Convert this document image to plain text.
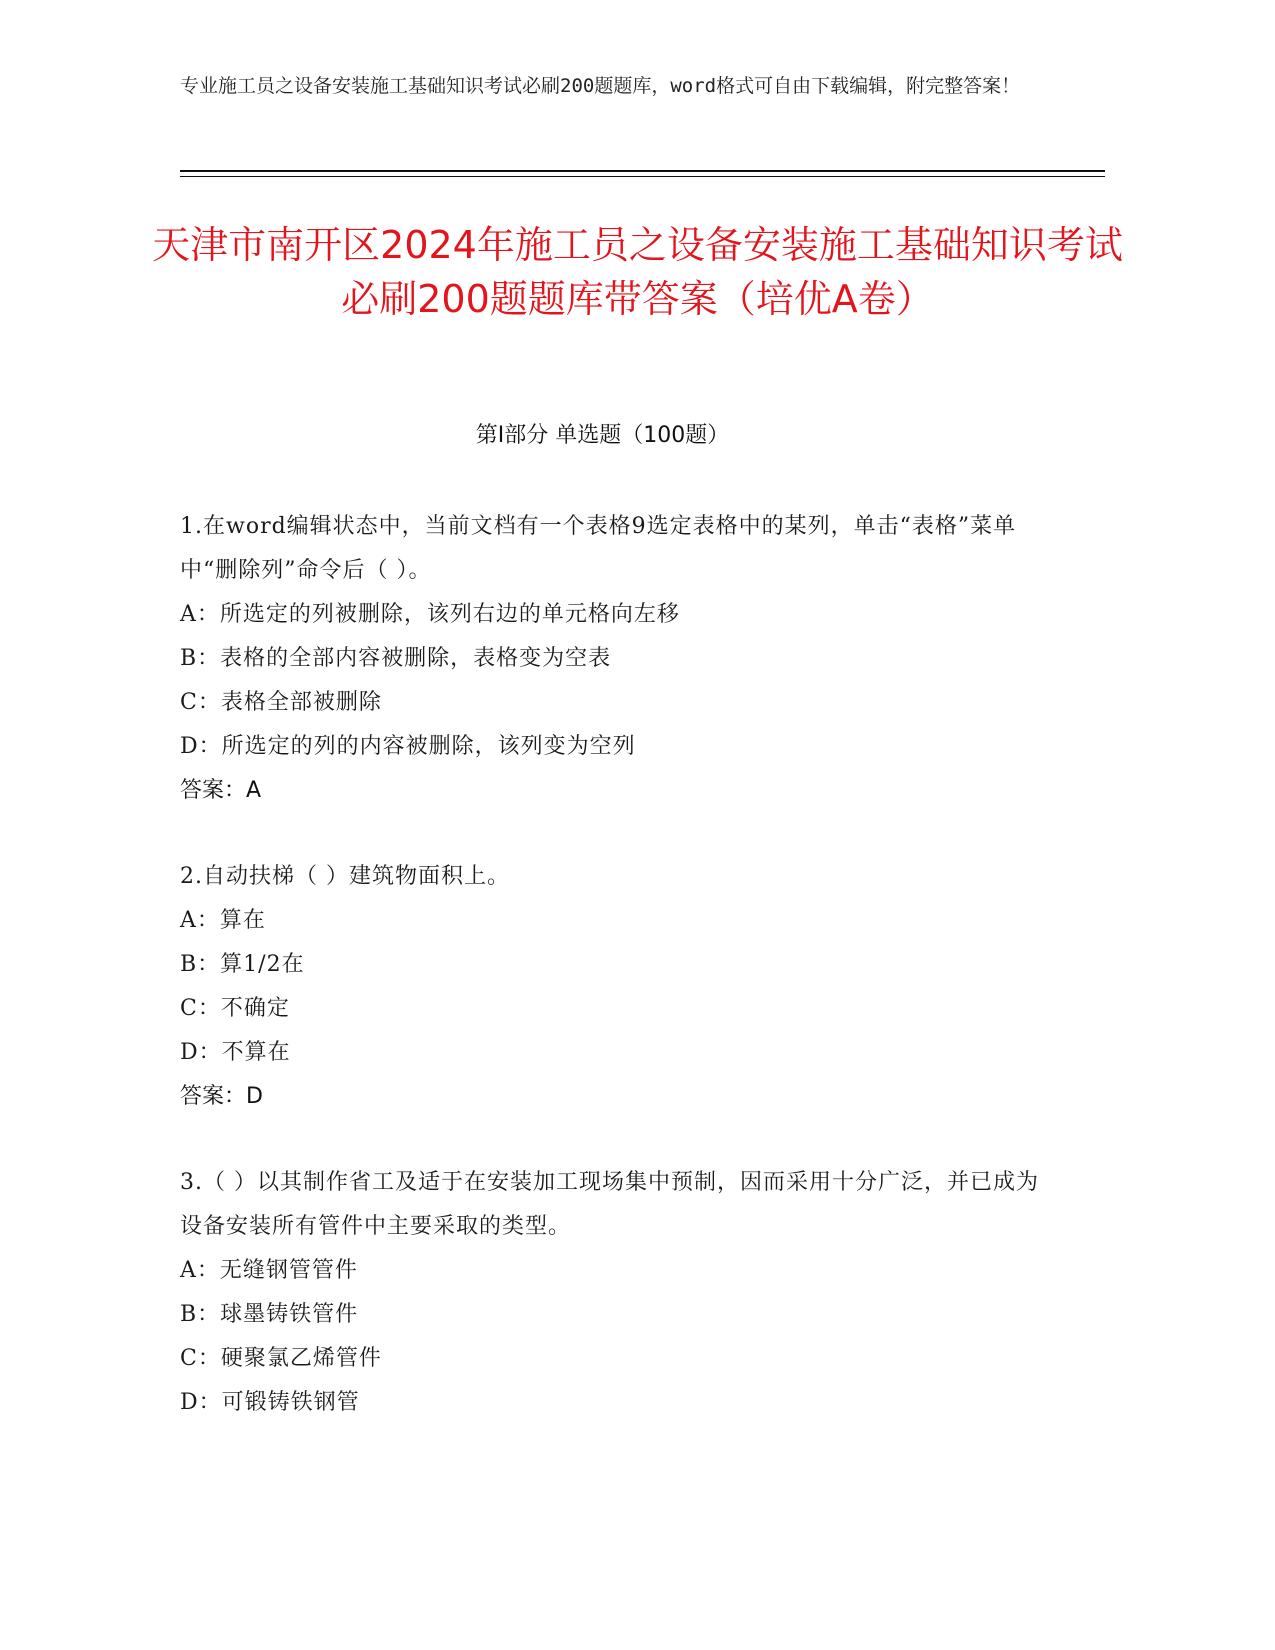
专业施工员之设备安装施工基础知识考试必刷200题题库，word格式可自由下载编辑，附完整答案！
天津市南开区2024年施工员之设备安装施工基础知识考试必刷200题题库带答案（培优A卷）
第Ⅰ部分 单选题（100题）
1.在word编辑状态中，当前文档有一个表格9选定表格中的某列，单击“表格”菜单中“删除列”命令后（ ）。
A：所选定的列被删除，该列右边的单元格向左移
B：表格的全部内容被删除，表格变为空表
C：表格全部被删除
D：所选定的列的内容被删除，该列变为空列
答案：A
2.自动扶梯（ ）建筑物面积上。
A：算在
B：算1/2在
C：不确定
D：不算在
答案：D
3.（ ）以其制作省工及适于在安装加工现场集中预制，因而采用十分广泛，并已成为设备安装所有管件中主要采取的类型。
A：无缝钢管管件
B：球墨铸铁管件
C：硬聚氯乙烯管件
D：可锻铸铁钢管
